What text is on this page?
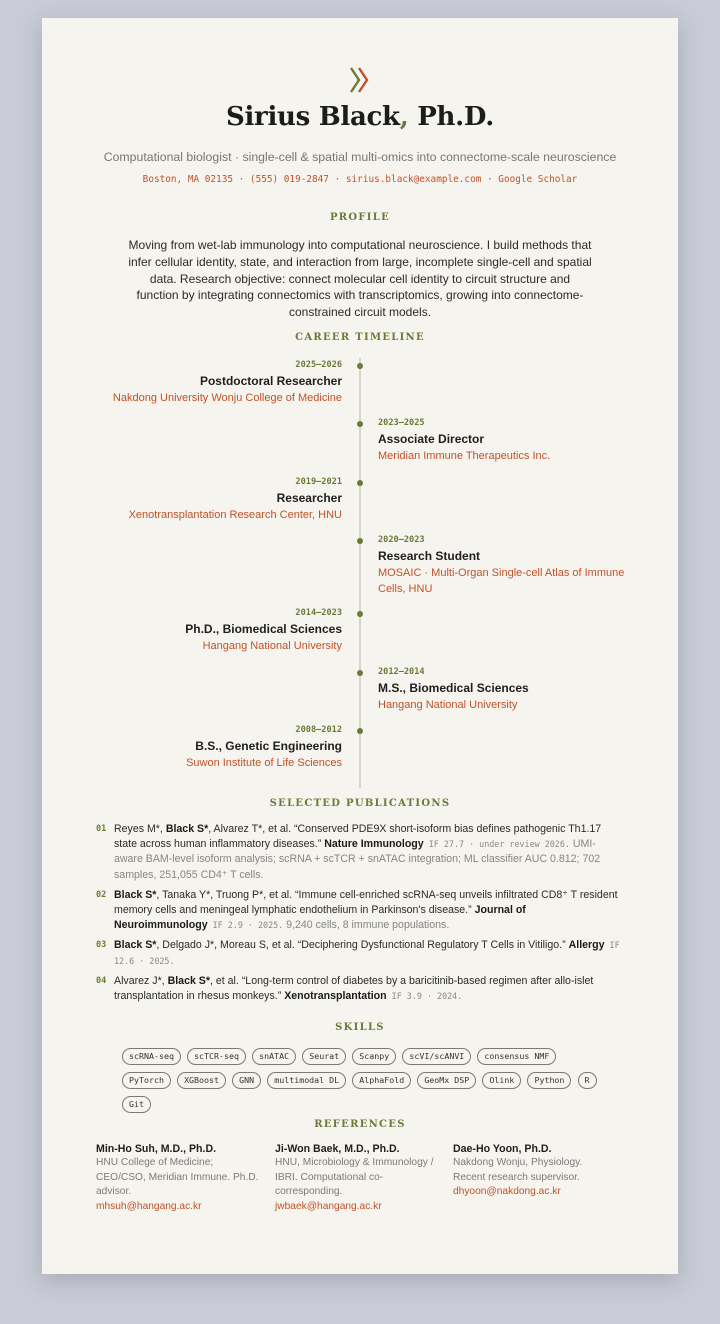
Sirius Black, Ph.D.
Computational biologist · single-cell & spatial multi-omics into connectome-scale neuroscience
Boston, MA 02135 · (555) 019-2847 · sirius.black@example.com · Google Scholar
PROFILE
Moving from wet-lab immunology into computational neuroscience. I build methods that infer cellular identity, state, and interaction from large, incomplete single-cell and spatial data. Research objective: connect molecular cell identity to circuit structure and function by integrating connectomics with transcriptomics, growing into connectome-constrained circuit models.
CAREER TIMELINE
2025–2026
Postdoctoral Researcher
Nakdong University Wonju College of Medicine
2023–2025
Associate Director
Meridian Immune Therapeutics Inc.
2019–2021
Researcher
Xenotransplantation Research Center, HNU
2020–2023
Research Student
MOSAIC · Multi-Organ Single-cell Atlas of Immune Cells, HNU
2014–2023
Ph.D., Biomedical Sciences
Hangang National University
2012–2014
M.S., Biomedical Sciences
Hangang National University
2008–2012
B.S., Genetic Engineering
Suwon Institute of Life Sciences
SELECTED PUBLICATIONS
01 Reyes M*, Black S*, Alvarez T*, et al. “Conserved PDE9X short-isoform bias defines pathogenic Th1.17 state across human inflammatory diseases.” Nature Immunology IF 27.7 · under review 2026. UMI-aware BAM-level isoform analysis; scRNA + scTCR + snATAC integration; ML classifier AUC 0.812; 702 samples, 251,055 CD4⁺ T cells.
02 Black S*, Tanaka Y*, Truong P*, et al. “Immune cell-enriched scRNA-seq unveils infiltrated CD8⁺ T resident memory cells and meningeal lymphatic endothelium in Parkinson's disease.” Journal of Neuroimmunology IF 2.9 · 2025. 9,240 cells, 8 immune populations.
03 Black S*, Delgado J*, Moreau S, et al. “Deciphering Dysfunctional Regulatory T Cells in Vitiligo.” Allergy IF 12.6 · 2025.
04 Alvarez J*, Black S*, et al. “Long-term control of diabetes by a baricitinib-based regimen after allo-islet transplantation in rhesus monkeys.” Xenotransplantation IF 3.9 · 2024.
SKILLS
scRNA-seq scTCR-seq snATAC Seurat Scanpy scVI/scANVI consensus NMF PyTorch XGBoost GNN multimodal DL AlphaFold GeoMx DSP Olink Python R Git
REFERENCES
Min-Ho Suh, M.D., Ph.D.
HNU College of Medicine; CEO/CSO, Meridian Immune. Ph.D. advisor.
mhsuh@hangang.ac.kr
Ji-Won Baek, M.D., Ph.D.
HNU, Microbiology & Immunology / IBRI. Computational co-corresponding.
jwbaek@hangang.ac.kr
Dae-Ho Yoon, Ph.D.
Nakdong Wonju, Physiology. Recent research supervisor.
dhyoon@nakdong.ac.kr
